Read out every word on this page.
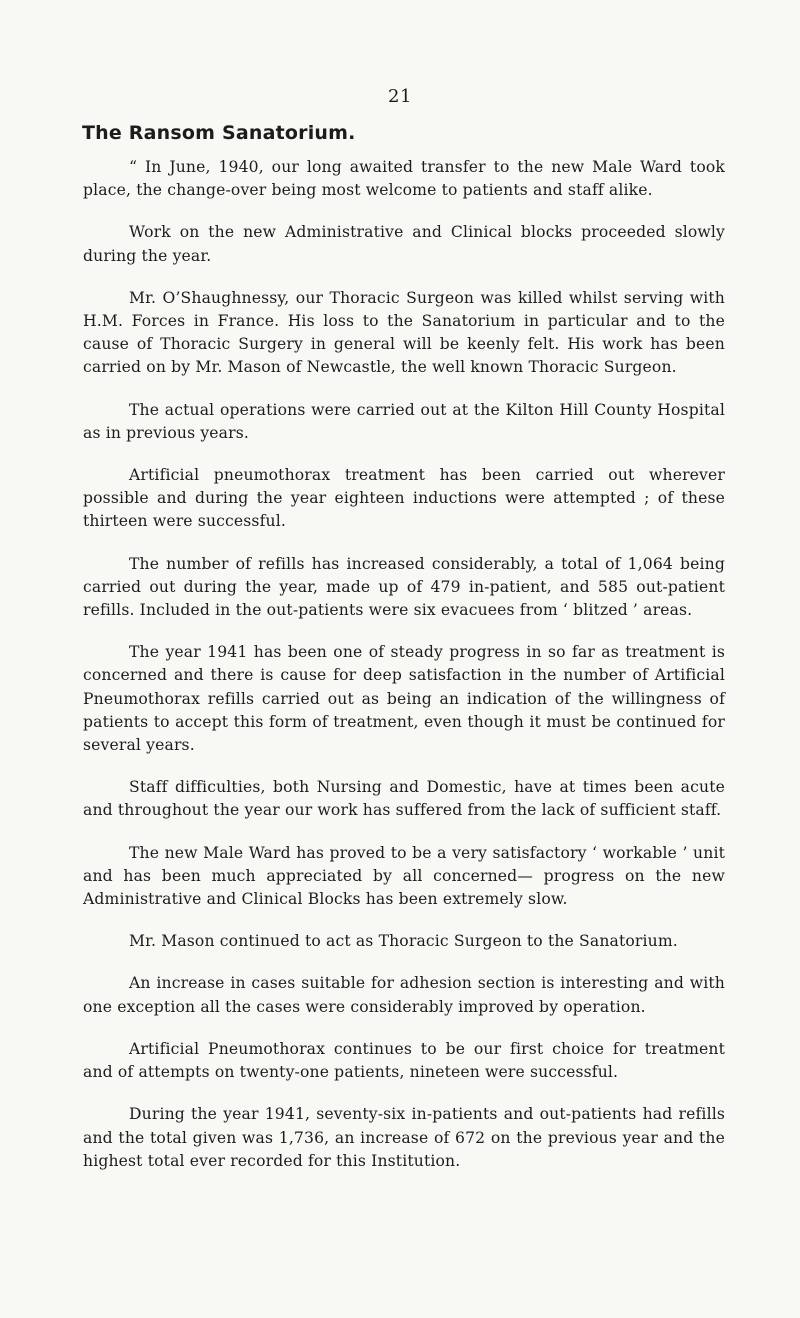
21
The Ransom Sanatorium.

“ In June, 1940, our long awaited transfer to the new Male Ward took place, the change-over being most welcome to patients and staff alike.

Work on the new Administrative and Clinical blocks proceeded slowly during the year.

Mr. O’Shaughnessy, our Thoracic Surgeon was killed whilst serving with H.M. Forces in France. His loss to the Sanatorium in particular and to the cause of Thoracic Surgery in general will be keenly felt. His work has been carried on by Mr. Mason of Newcastle, the well known Thoracic Surgeon.

The actual operations were carried out at the Kilton Hill County Hospital as in previous years.

Artificial pneumothorax treatment has been carried out wherever possible and during the year eighteen inductions were attempted ; of these thirteen were successful.

The number of refills has increased considerably, a total of 1,064 being carried out during the year, made up of 479 in-patient, and 585 out-patient refills. Included in the out-patients were six evacuees from ‘ blitzed ’ areas.

The year 1941 has been one of steady progress in so far as treatment is concerned and there is cause for deep satisfaction in the number of Artificial Pneumothorax refills carried out as being an indication of the willingness of patients to accept this form of treatment, even though it must be continued for several years.

Staff difficulties, both Nursing and Domestic, have at times been acute and throughout the year our work has suffered from the lack of sufficient staff.

The new Male Ward has proved to be a very satisfactory ‘ workable ’ unit and has been much appreciated by all concerned— progress on the new Administrative and Clinical Blocks has been extremely slow.

Mr. Mason continued to act as Thoracic Surgeon to the Sanatorium.

An increase in cases suitable for adhesion section is interesting and with one exception all the cases were considerably improved by operation.

Artificial Pneumothorax continues to be our first choice for treatment and of attempts on twenty-one patients, nineteen were successful.

During the year 1941, seventy-six in-patients and out-patients had refills and the total given was 1,736, an increase of 672 on the previous year and the highest total ever recorded for this Institution.
